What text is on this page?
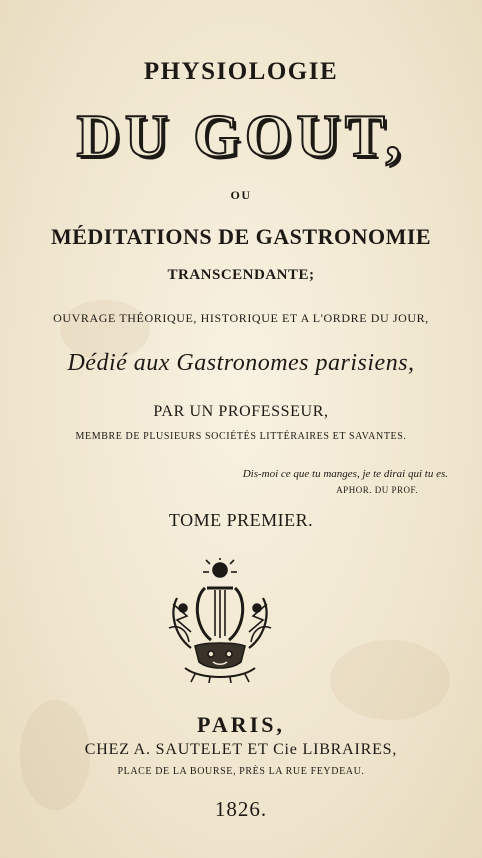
PHYSIOLOGIE
DU GOUT,
OU
MÉDITATIONS DE GASTRONOMIE
TRANSCENDANTE;
OUVRAGE THÉORIQUE, HISTORIQUE ET A L'ORDRE DU JOUR,
Dédié aux Gastronomes parisiens,
PAR UN PROFESSEUR,
MEMBRE DE PLUSIEURS SOCIÉTÉS LITTÉRAIRES ET SAVANTES.
Dis-moi ce que tu manges, je te dirai qui tu es.
APHOR. DU PROF.
TOME PREMIER.
PARIS,
CHEZ A. SAUTELET ET Cie LIBRAIRES,
PLACE DE LA BOURSE, PRÈS LA RUE FEYDEAU.
1826.
